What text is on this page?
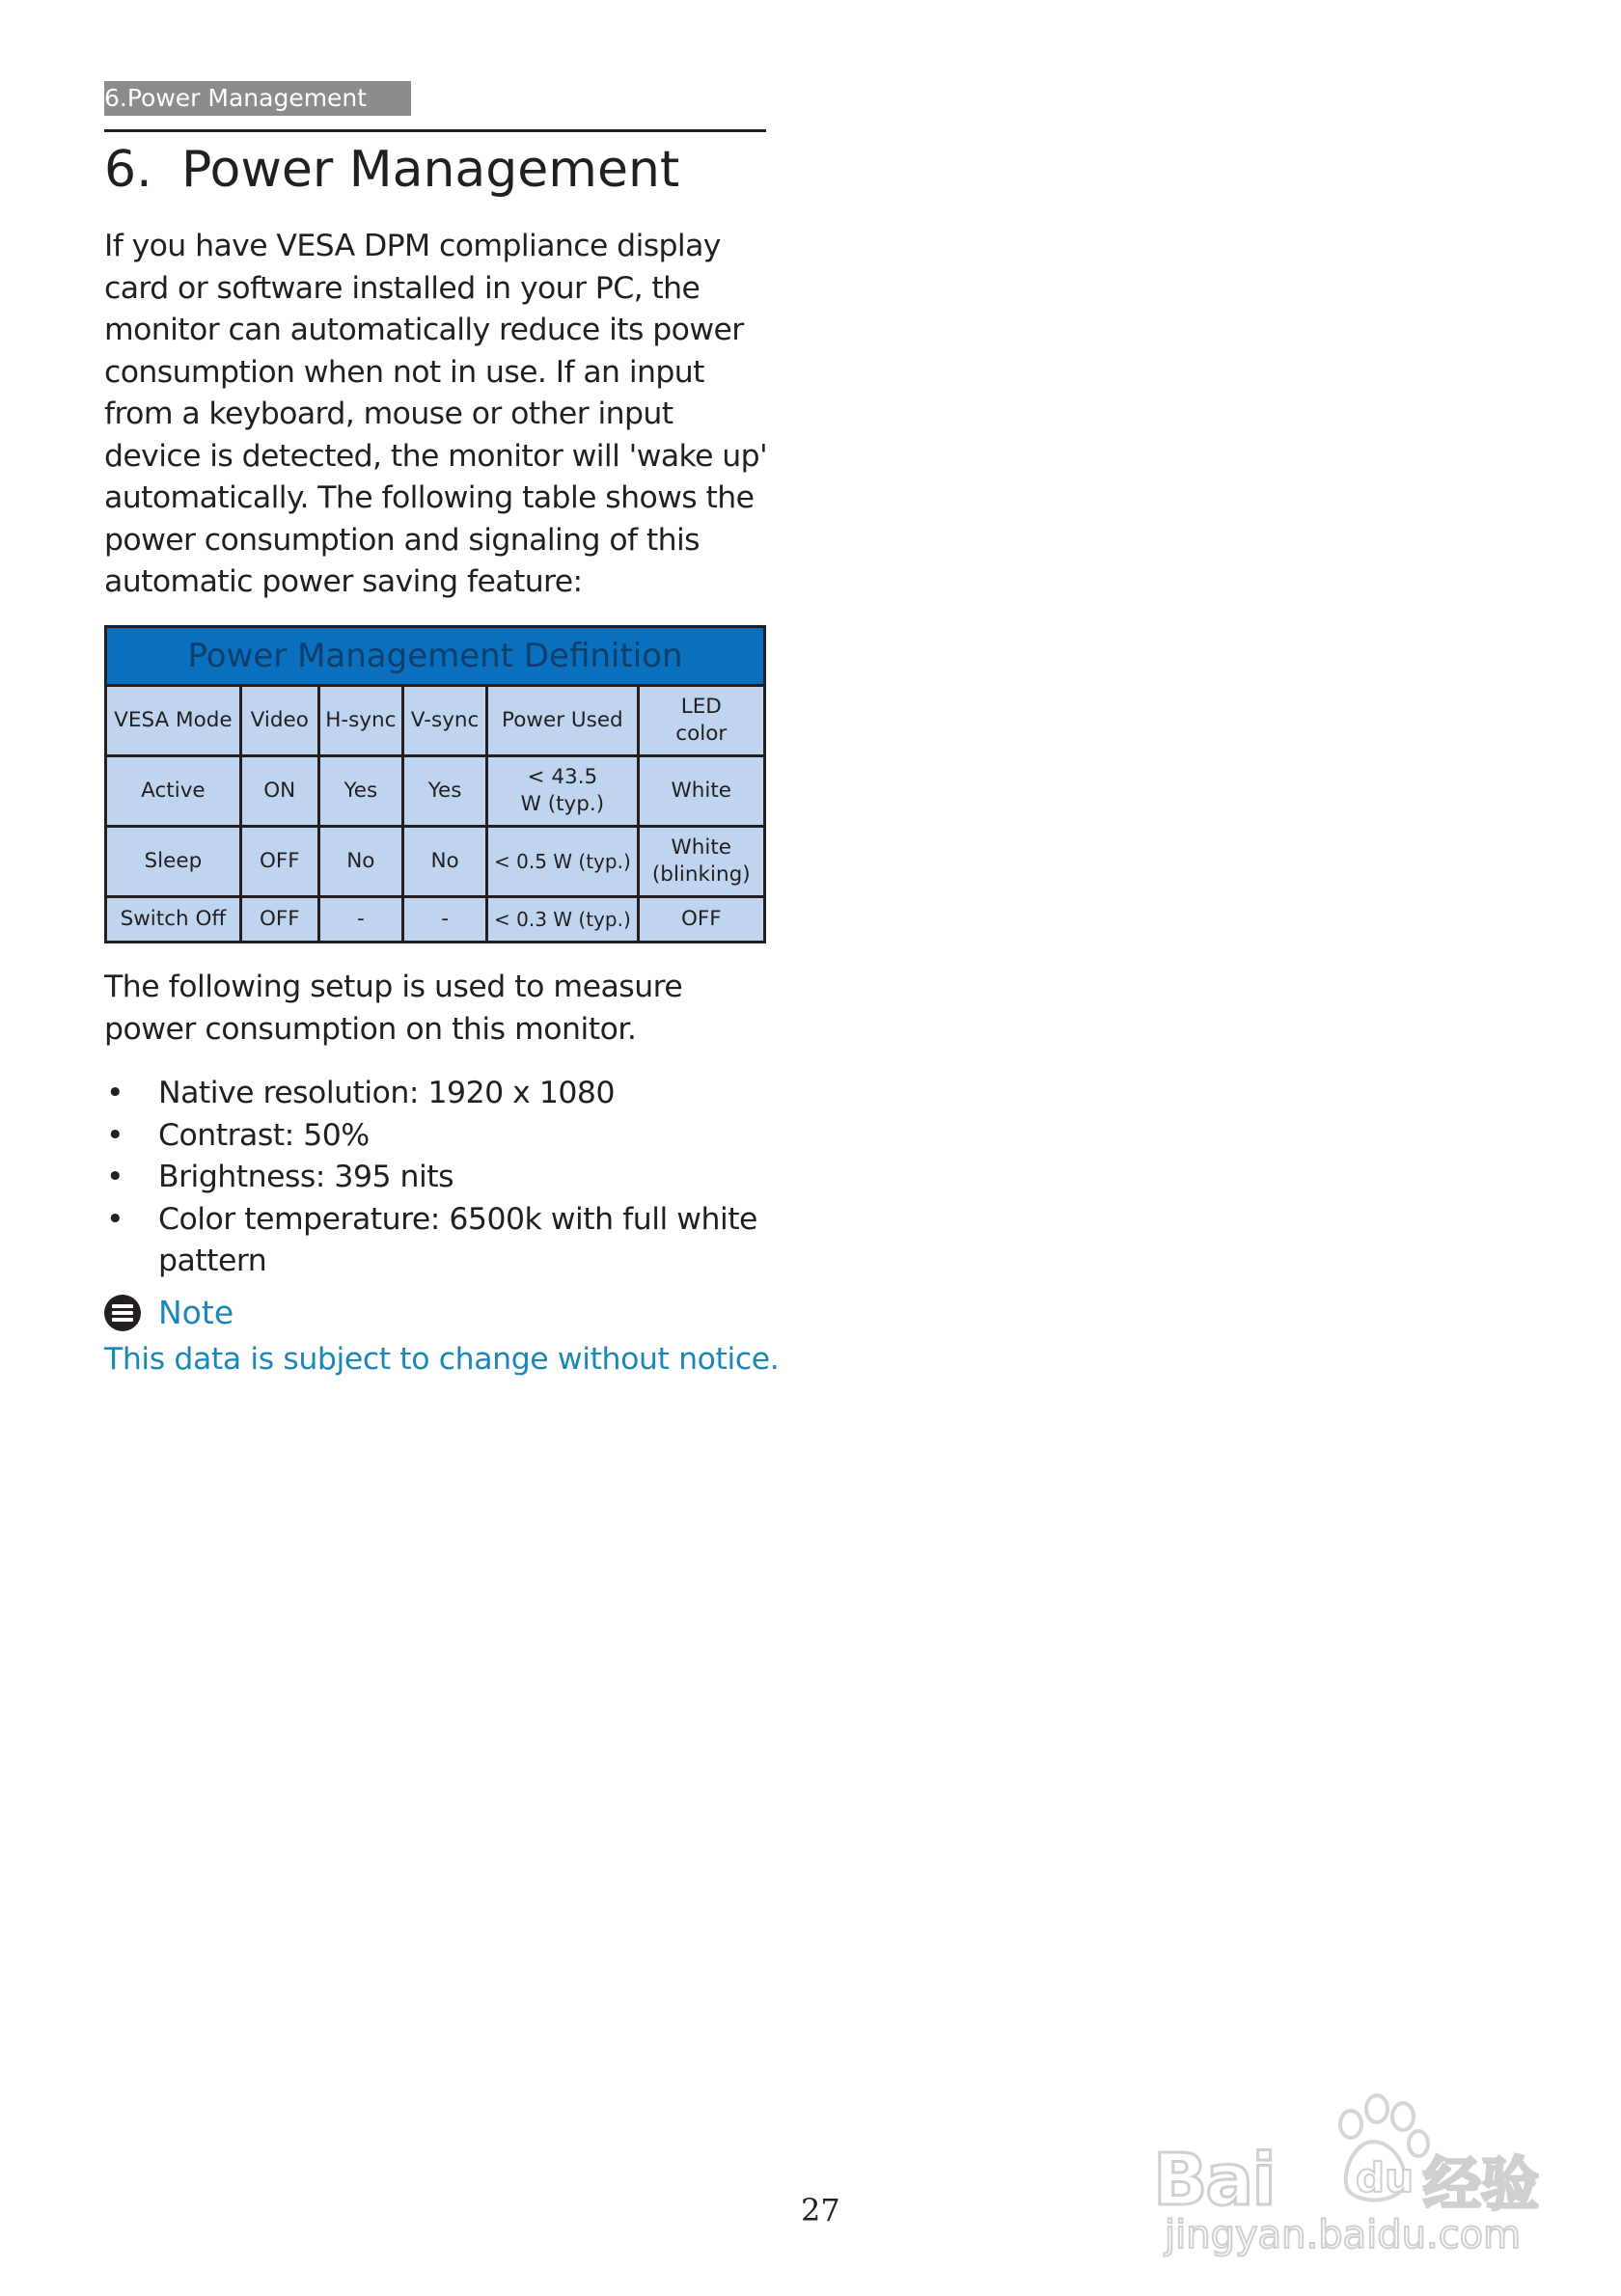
6.Power Management
6. Power Management

If you have VESA DPM compliance display card or software installed in your PC, the monitor can automatically reduce its power consumption when not in use. If an input from a keyboard, mouse or other input device is detected, the monitor will 'wake up' automatically. The following table shows the power consumption and signaling of this automatic power saving feature:

Power Management Definition					
VESA Mode	Video	H-sync	V-sync	Power Used	LED color
Active	ON	Yes	Yes	< 43.5 W (typ.)	White
Sleep	OFF	No	No	< 0.5 W (typ.)	White (blinking)
Switch Off	OFF	-	-	< 0.3 W (typ.)	OFF

The following setup is used to measure power consumption on this monitor.

• Native resolution: 1920 x 1080
• Contrast: 50%
• Brightness: 395 nits
• Color temperature: 6500k with full white pattern
Note
This data is subject to change without notice.
27	Bai du 经验
jingyan.baidu.com
